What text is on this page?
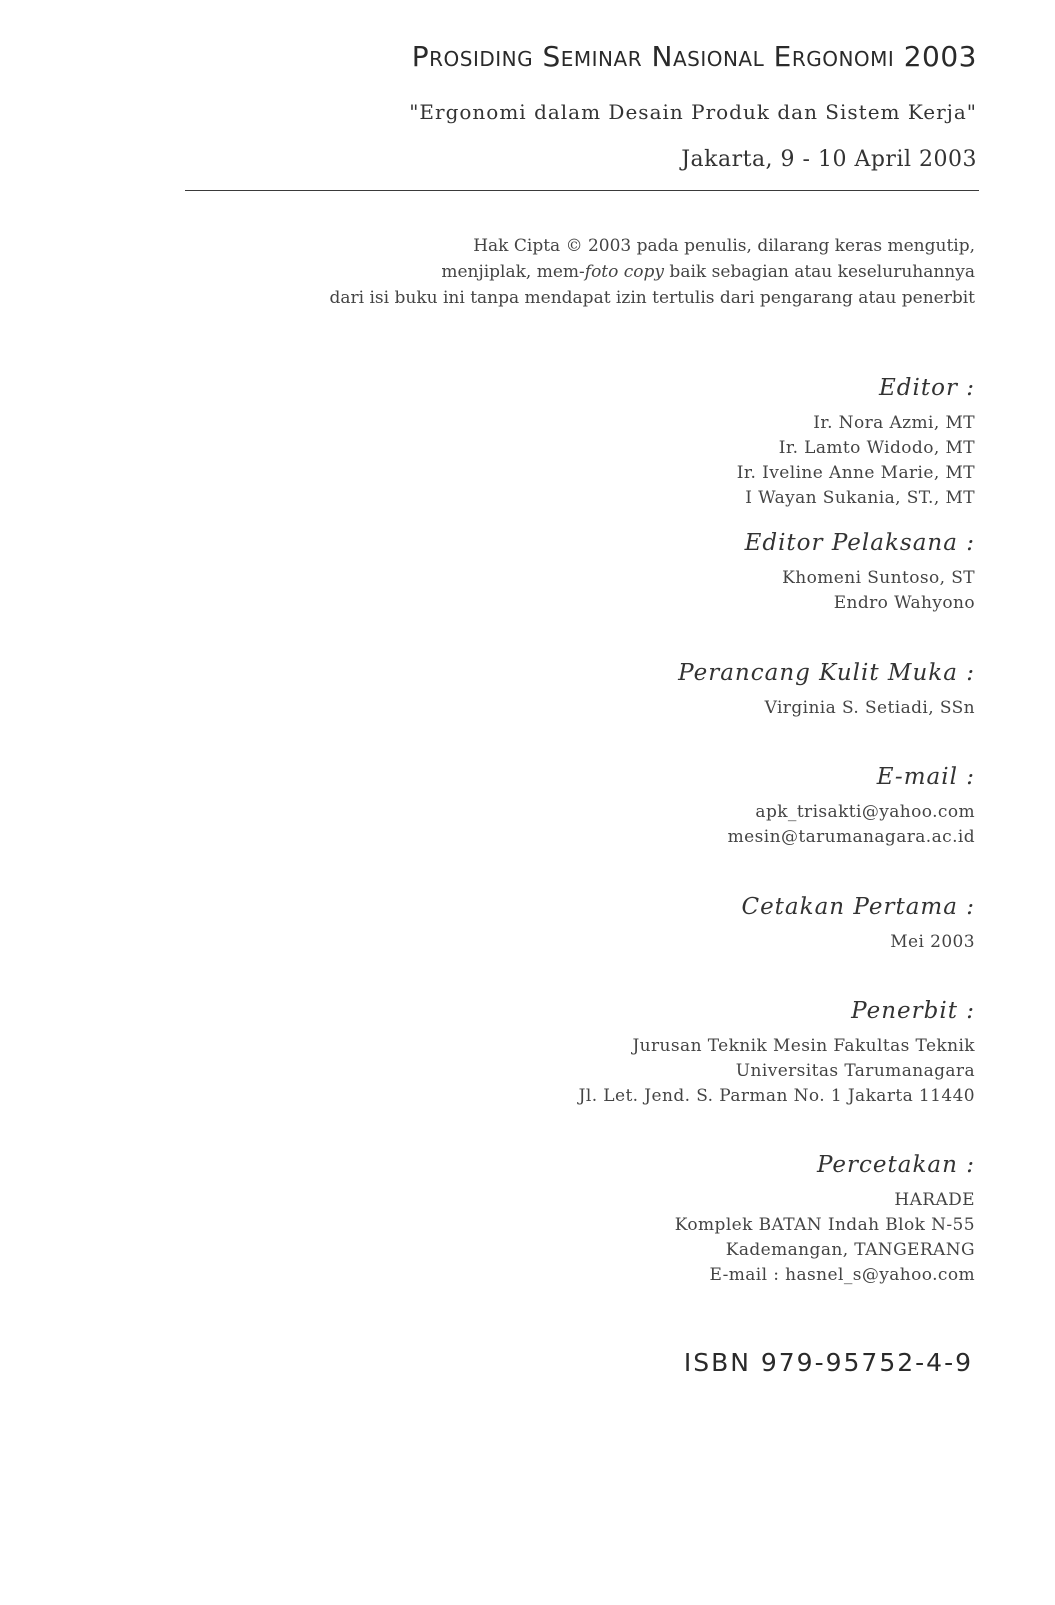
Prosiding Seminar Nasional Ergonomi 2003
"Ergonomi dalam Desain Produk dan Sistem Kerja"
Jakarta, 9 - 10 April 2003
Hak Cipta © 2003 pada penulis, dilarang keras mengutip,
menjiplak, mem-foto copy baik sebagian atau keseluruhannya
dari isi buku ini tanpa mendapat izin tertulis dari pengarang atau penerbit
Editor :
Ir. Nora Azmi, MT
Ir. Lamto Widodo, MT
Ir. Iveline Anne Marie, MT
I Wayan Sukania, ST., MT
Editor Pelaksana :
Khomeni Suntoso, ST
Endro Wahyono
Perancang Kulit Muka :
Virginia S. Setiadi, SSn
E-mail :
apk_trisakti@yahoo.com
mesin@tarumanagara.ac.id
Cetakan Pertama :
Mei 2003
Penerbit :
Jurusan Teknik Mesin Fakultas Teknik
Universitas Tarumanagara
Jl. Let. Jend. S. Parman No. 1 Jakarta 11440
Percetakan :
HARADE
Komplek BATAN Indah Blok N-55
Kademangan, TANGERANG
E-mail : hasnel_s@yahoo.com
ISBN 979-95752-4-9
